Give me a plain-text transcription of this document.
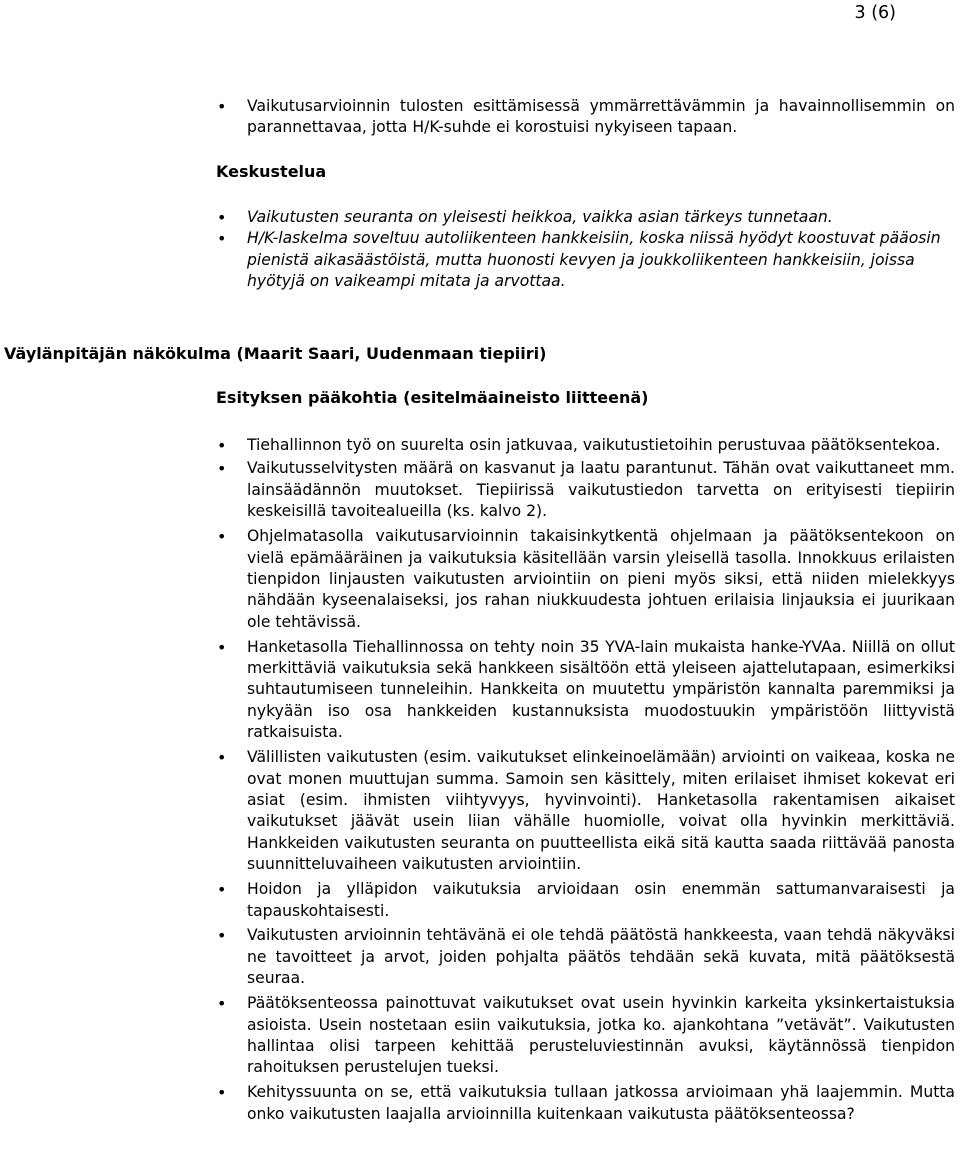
3 (6)
• Vaikutusarvioinnin tulosten esittämisessä ymmärrettävämmin ja havainnollisemmin on parannettavaa, jotta H/K-suhde ei korostuisi nykyiseen tapaan.
Keskustelua
• Vaikutusten seuranta on yleisesti heikkoa, vaikka asian tärkeys tunnetaan.
• H/K-laskelma soveltuu autoliikenteen hankkeisiin, koska niissä hyödyt koostuvat pääosin pienistä aikasäästöistä, mutta huonosti kevyen ja joukkoliikenteen hankkeisiin, joissa hyötyjä on vaikeampi mitata ja arvottaa.
Väylänpitäjän näkökulma (Maarit Saari, Uudenmaan tiepiiri)
Esityksen pääkohtia (esitelmäaineisto liitteenä)
• Tiehallinnon työ on suurelta osin jatkuvaa, vaikutustietoihin perustuvaa päätöksentekoa.
• Vaikutusselvitysten määrä on kasvanut ja laatu parantunut. Tähän ovat vaikuttaneet mm. lainsäädännön muutokset. Tiepiirissä vaikutustiedon tarvetta on erityisesti tiepiirin keskeisillä tavoitealueilla (ks. kalvo 2).
• Ohjelmatasolla vaikutusarvioinnin takaisinkytkentä ohjelmaan ja päätöksentekoon on vielä epämääräinen ja vaikutuksia käsitellään varsin yleisellä tasolla. Innokkuus erilaisten tienpidon linjausten vaikutusten arviointiin on pieni myös siksi, että niiden mielekkyys nähdään kyseenalaiseksi, jos rahan niukkuudesta johtuen erilaisia linjauksia ei juurikaan ole tehtävissä.
• Hanketasolla Tiehallinnossa on tehty noin 35 YVA-lain mukaista hanke-YVAa. Niillä on ollut merkittäviä vaikutuksia sekä hankkeen sisältöön että yleiseen ajattelutapaan, esimerkiksi suhtautumiseen tunneleihin. Hankkeita on muutettu ympäristön kannalta paremmiksi ja nykyään iso osa hankkeiden kustannuksista muodostuukin ympäristöön liittyvistä ratkaisuista.
• Välillisten vaikutusten (esim. vaikutukset elinkeinoelämään) arviointi on vaikeaa, koska ne ovat monen muuttujan summa. Samoin sen käsittely, miten erilaiset ihmiset kokevat eri asiat (esim. ihmisten viihtyvyys, hyvinvointi). Hanketasolla rakentamisen aikaiset vaikutukset jäävät usein liian vähälle huomiolle, voivat olla hyvinkin merkittäviä. Hankkeiden vaikutusten seuranta on puutteellista eikä sitä kautta saada riittävää panosta suunnitteluvaiheen vaikutusten arviointiin.
• Hoidon ja ylläpidon vaikutuksia arvioidaan osin enemmän sattumanvaraisesti ja tapauskohtaisesti.
• Vaikutusten arvioinnin tehtävänä ei ole tehdä päätöstä hankkeesta, vaan tehdä näkyväksi ne tavoitteet ja arvot, joiden pohjalta päätös tehdään sekä kuvata, mitä päätöksestä seuraa.
• Päätöksenteossa painottuvat vaikutukset ovat usein hyvinkin karkeita yksinkertaistuksia asioista. Usein nostetaan esiin vaikutuksia, jotka ko. ajankohtana ”vetävät”. Vaikutusten hallintaa olisi tarpeen kehittää perusteluviestinnän avuksi, käytännössä tienpidon rahoituksen perustelujen tueksi.
• Kehityssuunta on se, että vaikutuksia tullaan jatkossa arvioimaan yhä laajemmin. Mutta onko vaikutusten laajalla arvioinnilla kuitenkaan vaikutusta päätöksenteossa?
